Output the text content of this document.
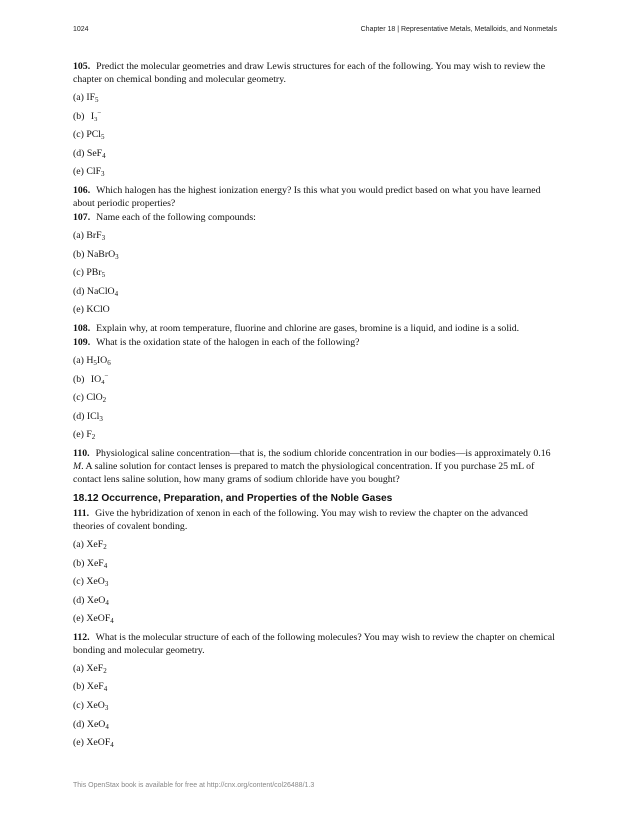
1024	Chapter 18 | Representative Metals, Metalloids, and Nonmetals

105. Predict the molecular geometries and draw Lewis structures for each of the following. You may wish to review the chapter on chemical bonding and molecular geometry.

(a) $IF_5$
(b) $I_3^-$
(c) PCl$_5$
(d) SeF$_4$
(e) ClF$_3$

106. Which halogen has the highest ionization energy? Is this what you would predict based on what you have learned about periodic properties?

107. Name each of the following compounds:

(a) BrF$_3$
(b) NaBrO$_3$
(c) PBr$_5$
(d) NaClO$_4$
(e) KClO

108. Explain why, at room temperature, fluorine and chlorine are gases, bromine is a liquid, and iodine is a solid.

109. What is the oxidation state of the halogen in each of the following?

(a) $H_5IO_6$
(b) $IO_4^-$
(c) ClO$_2$
(d) ICl$_3$
(e) $F_2$

110. Physiological saline concentration—that is, the sodium chloride concentration in our bodies—is approximately 0.16 M. A saline solution for contact lenses is prepared to match the physiological concentration. If you purchase 25 mL of contact lens saline solution, how many grams of sodium chloride have you bought?

18.12 Occurrence, Preparation, and Properties of the Noble Gases

111. Give the hybridization of xenon in each of the following. You may wish to review the chapter on the advanced theories of covalent bonding.

(a) XeF$_2$
(b) XeF$_4$
(c) XeO$_3$
(d) XeO$_4$
(e) XeOF$_4$

112. What is the molecular structure of each of the following molecules? You may wish to review the chapter on chemical bonding and molecular geometry.

(a) XeF$_2$
(b) XeF$_4$
(c) XeO$_3$
(d) XeO$_4$
(e) XeOF$_4$
This OpenStax book is available for free at http://cnx.org/content/col26488/1.3
